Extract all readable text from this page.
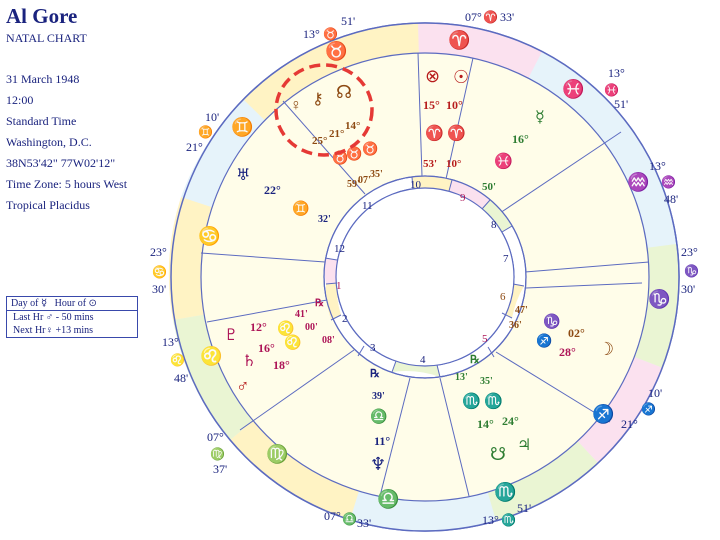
Al Gore
NATAL CHART
31 March 1948
12:00
Standard Time
Washington, D.C.
38N53'42" 77W02'12"
Time Zone: 5 hours West
Tropical Placidus
Day of ☿ Hour of ⊙
Last Hr ♂ - 50 mins
Next Hr♀ +13 mins
1
2
3
4
5
6
7
8
9
10
11
12
♈
♓
♒
♑
♐
♏
♎
♍
♌
♋
♊
♉
07° ♈ 33'
13°
♓
51'
13°
♒
48'
23°
♑
30'
10'
♐
21°
13° ♏
51'
07° ♎ 33'
07°
♍
37'
13°
♌
48'
23°
♋
30'
10'
♊
21°
13° ♉
51'
♀ ⚷ ☊
25°
21°
14°
♉
♉ ♉
59'
07'
35'
⊗ ☉
15° 10°
♈ ♈
53' 10°
☿
16°
♓
50'
♅
22°
♊
32'
♇
♄
♂
12°
16°
18°
♌
♌
41'
00'
℞
08'
℞
39'
♎
11°
♆
℞
13' 35'
♏ ♏
14° 24°
☋ ♃
36'
47'
♑
02°
♐
28° ☽
